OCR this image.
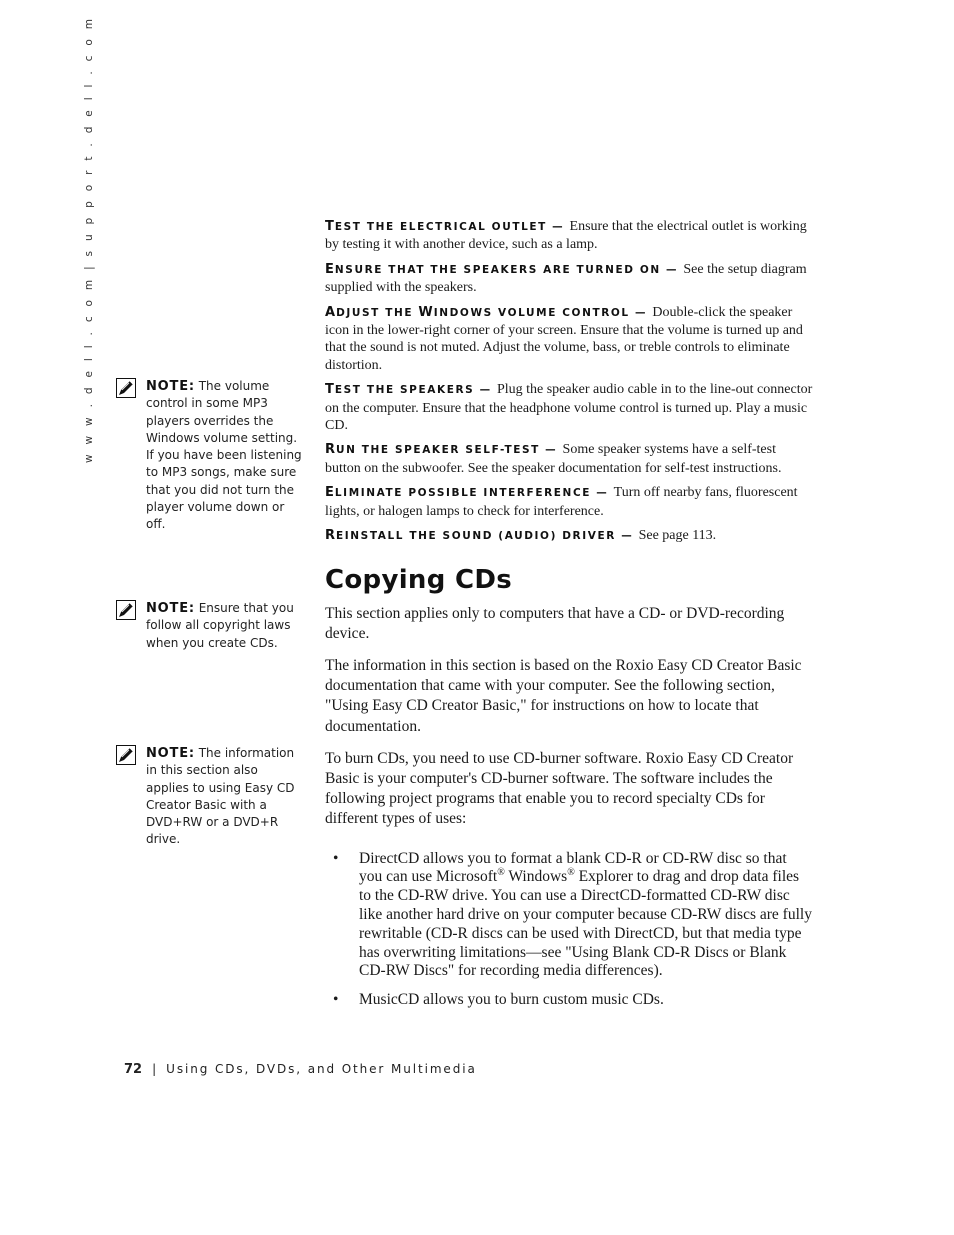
w w w . d e l l . c o m | s u p p o r t . d e l l . c o m	NOTE: The volume control in some MP3 players overrides the Windows volume setting. If you have been listening to MP3 songs, make sure that you did not turn the player volume down or off.
NOTE: Ensure that you follow all copyright laws when you create CDs.
NOTE: The information in this section also applies to using Easy CD Creator Basic with a DVD+RW or a DVD+R drive.

TEST THE ELECTRICAL OUTLET — Ensure that the electrical outlet is working by testing it with another device, such as a lamp.

ENSURE THAT THE SPEAKERS ARE TURNED ON — See the setup diagram supplied with the speakers.

ADJUST THE WINDOWS VOLUME CONTROL — Double-click the speaker icon in the lower-right corner of your screen. Ensure that the volume is turned up and that the sound is not muted. Adjust the volume, bass, or treble controls to eliminate distortion.

TEST THE SPEAKERS — Plug the speaker audio cable in to the line-out connector on the computer. Ensure that the headphone volume control is turned up. Play a music CD.

RUN THE SPEAKER SELF-TEST — Some speaker systems have a self-test button on the subwoofer. See the speaker documentation for self-test instructions.

ELIMINATE POSSIBLE INTERFERENCE — Turn off nearby fans, fluorescent lights, or halogen lamps to check for interference.

REINSTALL THE SOUND (AUDIO) DRIVER — See page 113.

Copying CDs

This section applies only to computers that have a CD- or DVD-recording device.

The information in this section is based on the Roxio Easy CD Creator Basic documentation that came with your computer. See the following section, "Using Easy CD Creator Basic," for instructions on how to locate that documentation.

To burn CDs, you need to use CD-burner software. Roxio Easy CD Creator Basic is your computer's CD-burner software. The software includes the following project programs that enable you to record specialty CDs for different types of uses:

• DirectCD allows you to format a blank CD-R or CD-RW disc so that you can use Microsoft® Windows® Explorer to drag and drop data files to the CD-RW drive. You can use a DirectCD-formatted CD-RW disc like another hard drive on your computer because CD-RW discs are fully rewritable (CD-R discs can be used with DirectCD, but that media type has overwriting limitations—see "Using Blank CD-R Discs or Blank CD-RW Discs" for recording media differences).
• MusicCD allows you to burn custom music CDs.
72 | Using CDs, DVDs, and Other Multimedia
